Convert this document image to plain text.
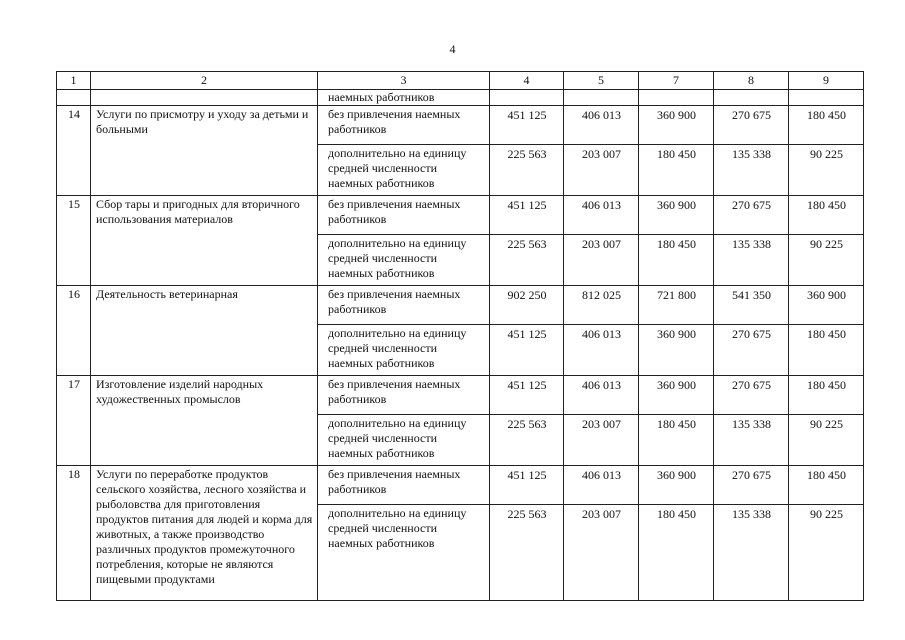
4
1	2	3	4	5	7	8	9
		наемных работников					
14	Услуги по присмотру и уходу за детьми и больными	без привлечения наемных работников	451 125	406 013	360 900	270 675	180 450
		дополнительно на единицу средней численности наемных работников	225 563	203 007	180 450	135 338	90 225
15	Сбор тары и пригодных для вторичного использования материалов	без привлечения наемных работников	451 125	406 013	360 900	270 675	180 450
		дополнительно на единицу средней численности наемных работников	225 563	203 007	180 450	135 338	90 225
16	Деятельность ветеринарная	без привлечения наемных работников	902 250	812 025	721 800	541 350	360 900
		дополнительно на единицу средней численности наемных работников	451 125	406 013	360 900	270 675	180 450
17	Изготовление изделий народных художественных промыслов	без привлечения наемных работников	451 125	406 013	360 900	270 675	180 450
		дополнительно на единицу средней численности наемных работников	225 563	203 007	180 450	135 338	90 225
18	Услуги по переработке продуктов сельского хозяйства, лесного хозяйства и рыболовства для приготовления продуктов питания для людей и корма для животных, а также производство различных продуктов промежуточного потребления, которые не являются пищевыми продуктами	без привлечения наемных работников	451 125	406 013	360 900	270 675	180 450
		дополнительно на единицу средней численности наемных работников	225 563	203 007	180 450	135 338	90 225
